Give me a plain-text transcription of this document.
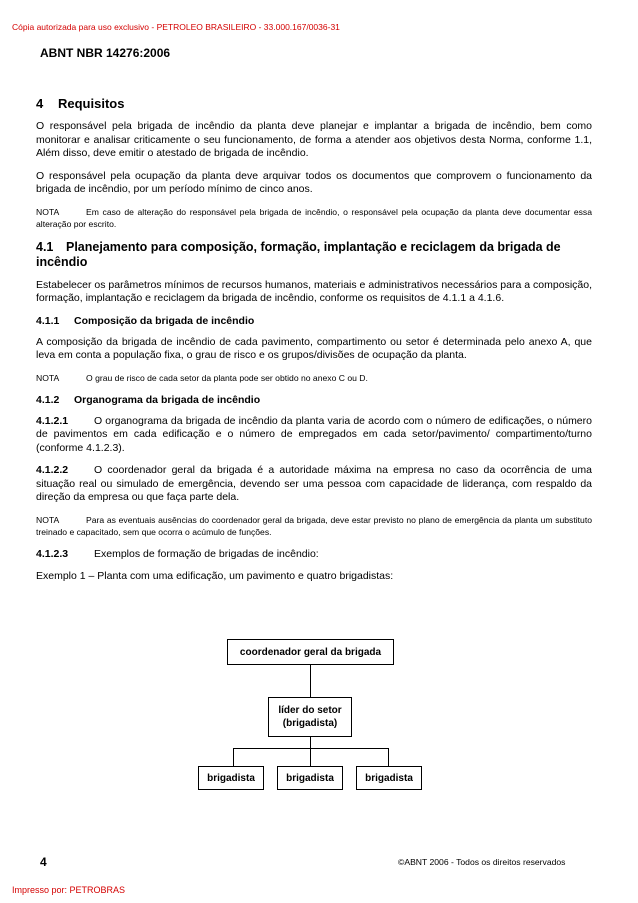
Cópia autorizada para uso exclusivo - PETROLEO BRASILEIRO - 33.000.167/0036-31
ABNT NBR 14276:2006
4	Requisitos

O responsável pela brigada de incêndio da planta deve planejar e implantar a brigada de incêndio, bem como monitorar e analisar criticamente o seu funcionamento, de forma a atender aos objetivos desta Norma, conforme 1.1, Além disso, deve emitir o atestado de brigada de incêndio.

O responsável pela ocupação da planta deve arquivar todos os documentos que comprovem o funcionamento da brigada de incêndio, por um período mínimo de cinco anos.

NOTA	Em caso de alteração do responsável pela brigada de incêndio, o responsável pela ocupação da planta deve documentar essa alteração por escrito.

4.1 Planejamento para composição, formação, implantação e reciclagem da brigada de incêndio

Estabelecer os parâmetros mínimos de recursos humanos, materiais e administrativos necessários para a composição, formação, implantação e reciclagem da brigada de incêndio, conforme os requisitos de 4.1.1 a 4.1.6.

4.1.1 Composição da brigada de incêndio

A composição da brigada de incêndio de cada pavimento, compartimento ou setor é determinada pelo anexo A, que leva em conta a população fixa, o grau de risco e os grupos/divisões de ocupação da planta.

NOTA	O grau de risco de cada setor da planta pode ser obtido no anexo C ou D.

4.1.2 Organograma da brigada de incêndio

4.1.2.1 O organograma da brigada de incêndio da planta varia de acordo com o número de edificações, o número de pavimentos em cada edificação e o número de empregados em cada setor/pavimento/ compartimento/turno (conforme 4.1.2.3).

4.1.2.2 O coordenador geral da brigada é a autoridade máxima na empresa no caso da ocorrência de uma situação real ou simulado de emergência, devendo ser uma pessoa com capacidade de liderança, com respaldo da direção da empresa ou que faça parte dela.

NOTA	Para as eventuais ausências do coordenador geral da brigada, deve estar previsto no plano de emergência da planta um substituto treinado e capacitado, sem que ocorra o acúmulo de funções.

4.1.2.3 Exemplos de formação de brigadas de incêndio:

Exemplo 1 – Planta com uma edificação, um pavimento e quatro brigadistas:

coordenador geral da brigada
líder do setor
(brigadista)
brigadista	brigadista	brigadista
4	©ABNT 2006 - Todos os direitos reservados
Impresso por: PETROBRAS
